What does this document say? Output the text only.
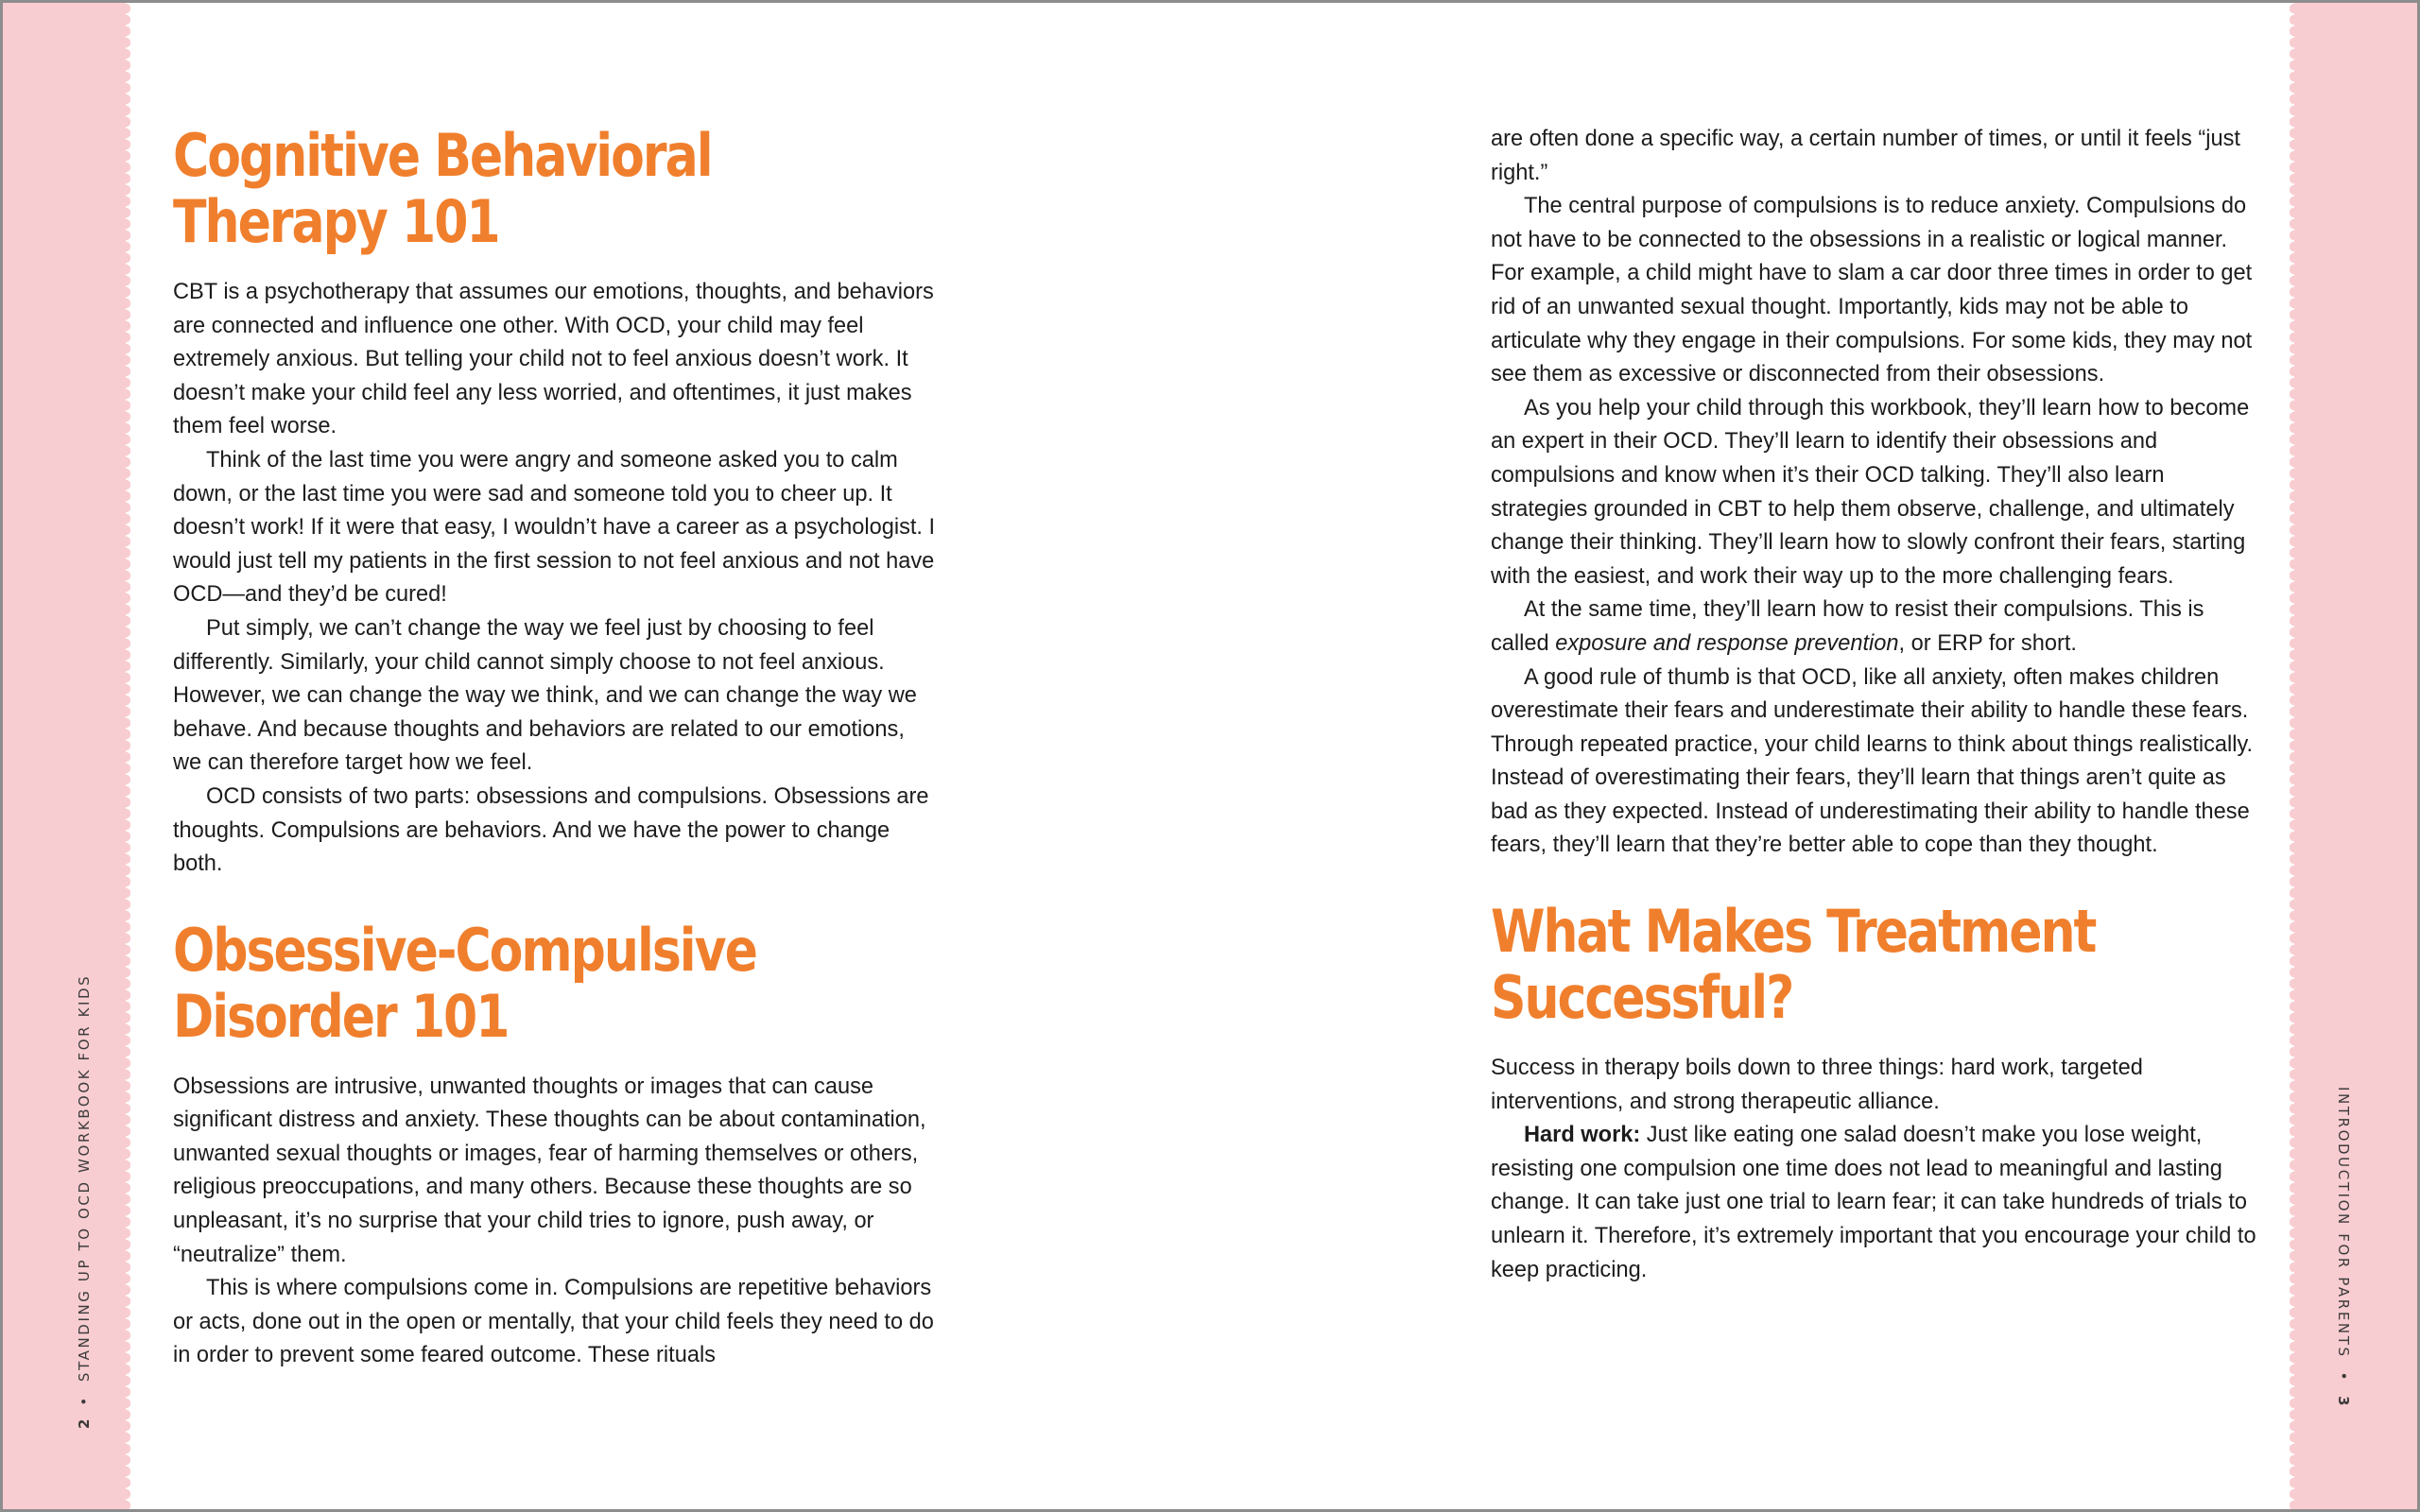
2•STANDING UP TO OCD WORKBOOK FOR KIDS	INTRODUCTION FOR PARENTS•3
Cognitive Behavioral
Therapy 101

CBT is a psychotherapy that assumes our emotions, thoughts, and behaviors are connected and influence one other. With OCD, your child may feel extremely anxious. But telling your child not to feel anxious doesn’t work. It doesn’t make your child feel any less worried, and oftentimes, it just makes them feel worse.

Think of the last time you were angry and someone asked you to calm down, or the last time you were sad and someone told you to cheer up. It doesn’t work! If it were that easy, I wouldn’t have a career as a psychologist. I would just tell my patients in the first session to not feel anxious and not have OCD—and they’d be cured!

Put simply, we can’t change the way we feel just by choosing to feel differently. Similarly, your child cannot simply choose to not feel anxious. However, we can change the way we think, and we can change the way we behave. And because thoughts and behaviors are related to our emotions, we can therefore target how we feel.

OCD consists of two parts: obsessions and compulsions. Obsessions are thoughts. Compulsions are behaviors. And we have the power to change both.

Obsessive-Compulsive
Disorder 101

Obsessions are intrusive, unwanted thoughts or images that can cause significant distress and anxiety. These thoughts can be about contamination, unwanted sexual thoughts or images, fear of harming themselves or others, religious preoccupations, and many others. Because these thoughts are so unpleasant, it’s no surprise that your child tries to ignore, push away, or “neutralize” them.

This is where compulsions come in. Compulsions are repetitive behaviors or acts, done out in the open or mentally, that your child feels they need to do in order to prevent some feared outcome. These rituals

are often done a specific way, a certain number of times, or until it feels “just right.”

The central purpose of compulsions is to reduce anxiety. Compulsions do not have to be connected to the obsessions in a realistic or logical manner. For example, a child might have to slam a car door three times in order to get rid of an unwanted sexual thought. Importantly, kids may not be able to articulate why they engage in their compulsions. For some kids, they may not see them as excessive or disconnected from their obsessions.

As you help your child through this workbook, they’ll learn how to become an expert in their OCD. They’ll learn to identify their obsessions and compulsions and know when it’s their OCD talking. They’ll also learn strategies grounded in CBT to help them observe, challenge, and ultimately change their thinking. They’ll learn how to slowly confront their fears, starting with the easiest, and work their way up to the more challenging fears.

At the same time, they’ll learn how to resist their compulsions. This is called exposure and response prevention, or ERP for short.

A good rule of thumb is that OCD, like all anxiety, often makes children overestimate their fears and underestimate their ability to handle these fears. Through repeated practice, your child learns to think about things realistically. Instead of overestimating their fears, they’ll learn that things aren’t quite as bad as they expected. Instead of underestimating their ability to handle these fears, they’ll learn that they’re better able to cope than they thought.

What Makes Treatment
Successful?

Success in therapy boils down to three things: hard work, targeted interventions, and strong therapeutic alliance.

Hard work: Just like eating one salad doesn’t make you lose weight, resisting one compulsion one time does not lead to meaningful and lasting change. It can take just one trial to learn fear; it can take hundreds of trials to unlearn it. Therefore, it’s extremely important that you encourage your child to keep practicing.
